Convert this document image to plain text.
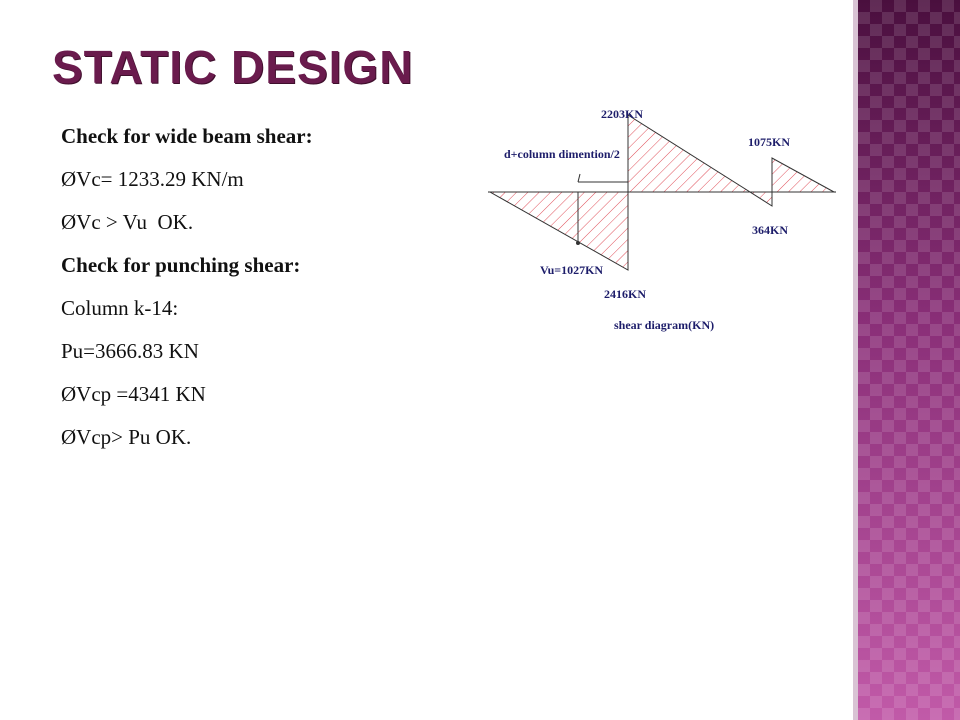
STATIC DESIGN
Check for wide beam shear:
ØVc= 1233.29 KN/m
ØVc > Vu  OK.
Check for punching shear:
Column k-14:
Pu=3666.83 KN
ØVcp =4341 KN
ØVcp> Pu OK.
2203KN
1075KN
d+column dimention/2
364KN
Vu=1027KN
2416KN
shear diagram(KN)
